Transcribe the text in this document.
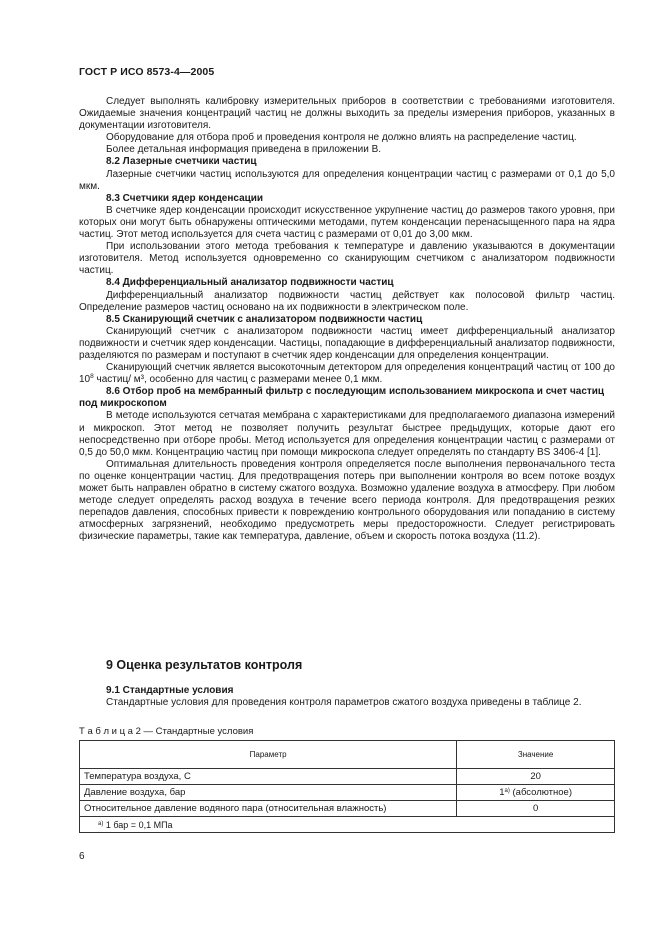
ГОСТ Р ИСО 8573-4—2005

Следует выполнять калибровку измерительных приборов в соответствии с требованиями изготовителя. Ожидаемые значения концентраций частиц не должны выходить за пределы измерения приборов, указанных в документации изготовителя.

Оборудование для отбора проб и проведения контроля не должно влиять на распределение частиц.

Более детальная информация приведена в приложении В.

8.2 Лазерные счетчики частиц

Лазерные счетчики частиц используются для определения концентрации частиц с размерами от 0,1 до 5,0 мкм.

8.3 Счетчики ядер конденсации

В счетчике ядер конденсации происходит искусственное укрупнение частиц до размеров такого уровня, при которых они могут быть обнаружены оптическими методами, путем конденсации перенасыщенного пара на ядра частиц. Этот метод используется для счета частиц с размерами от 0,01 до 3,00 мкм.

При использовании этого метода требования к температуре и давлению указываются в документации изготовителя. Метод используется одновременно со сканирующим счетчиком с анализатором подвижности частиц.

8.4 Дифференциальный анализатор подвижности частиц

Дифференциальный анализатор подвижности частиц действует как полосовой фильтр частиц. Определение размеров частиц основано на их подвижности в электрическом поле.

8.5 Сканирующий счетчик с анализатором подвижности частиц

Сканирующий счетчик с анализатором подвижности частиц имеет дифференциальный анализатор подвижности и счетчик ядер конденсации. Частицы, попадающие в дифференциальный анализатор подвижности, разделяются по размерам и поступают в счетчик ядер конденсации для определения концентрации.

Сканирующий счетчик является высокоточным детектором для определения концентраций частиц от 100 до $10^8$ частиц/ м³, особенно для частиц с размерами менее 0,1 мкм.

8.6 Отбор проб на мембранный фильтр с последующим использованием микроскопа и счет частиц под микроскопом

В методе используются сетчатая мембрана с характеристиками для предполагаемого диапазона измерений и микроскоп. Этот метод не позволяет получить результат быстрее предыдущих, которые дают его непосредственно при отборе пробы. Метод используется для определения концентрации частиц с размерами от 0,5 до 50,0 мкм. Концентрацию частиц при помощи микроскопа следует определять по стандарту BS 3406-4 [1].

Оптимальная длительность проведения контроля определяется после выполнения первоначального теста по оценке концентрации частиц. Для предотвращения потерь при выполнении контроля во всем потоке воздух может быть направлен обратно в систему сжатого воздуха. Возможно удаление воздуха в атмосферу. При любом методе следует определять расход воздуха в течение всего периода контроля. Для предотвращения резких перепадов давления, способных привести к повреждению контрольного оборудования или попаданию в систему атмосферных загрязнений, необходимо предусмотреть меры предосторожности. Следует регистрировать физические параметры, такие как температура, давление, объем и скорость потока воздуха (11.2).

9 Оценка результатов контроля

9.1 Стандартные условия

Стандартные условия для проведения контроля параметров сжатого воздуха приведены в таблице 2.

Т а б л и ц а 2 — Стандартные условия
Параметр	Значение
Температура воздуха, С	20
Давление воздуха, бар	$1^{а)}$ (абсолютное)
Относительное давление водяного пара (относительная влажность)	0
$^{а)}$ 1 бар = 0,1 МПа	
6
